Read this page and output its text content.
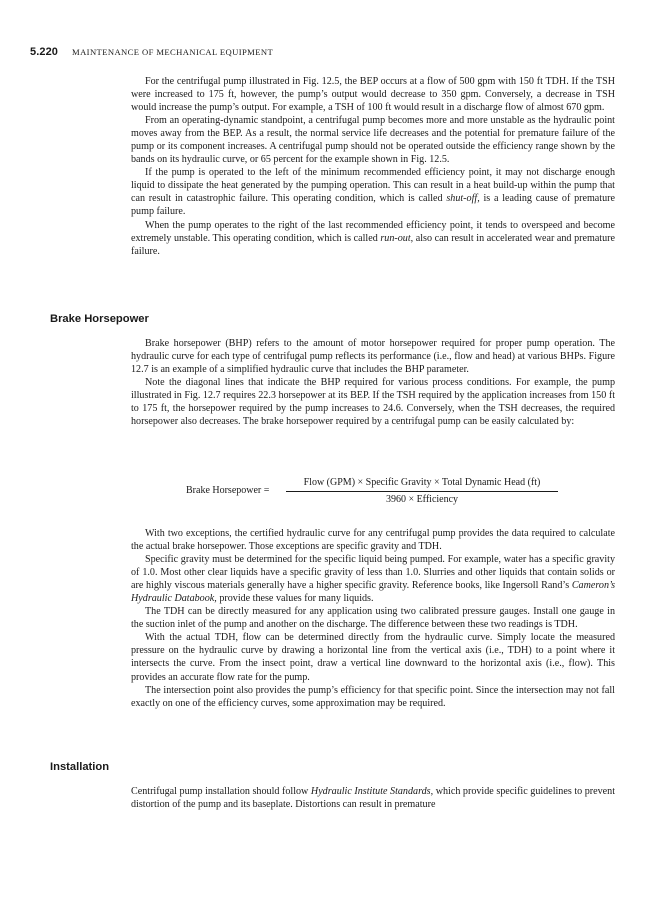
5.220 MAINTENANCE OF MECHANICAL EQUIPMENT

For the centrifugal pump illustrated in Fig. 12.5, the BEP occurs at a flow of 500 gpm with 150 ft TDH. If the TSH were increased to 175 ft, however, the pump’s output would decrease to 350 gpm. Conversely, a decrease in TSH would increase the pump’s output. For example, a TSH of 100 ft would result in a discharge flow of almost 670 gpm.

From an operating-dynamic standpoint, a centrifugal pump becomes more and more unstable as the hydraulic point moves away from the BEP. As a result, the normal service life decreases and the potential for premature failure of the pump or its component increases. A centrifugal pump should not be operated outside the efficiency range shown by the bands on its hydraulic curve, or 65 percent for the example shown in Fig. 12.5.

If the pump is operated to the left of the minimum recommended efficiency point, it may not discharge enough liquid to dissipate the heat generated by the pumping operation. This can result in a heat build-up within the pump that can result in catastrophic failure. This operating condition, which is called shut-off, is a leading cause of premature pump failure.

When the pump operates to the right of the last recommended efficiency point, it tends to overspeed and become extremely unstable. This operating condition, which is called run-out, also can result in accelerated wear and premature failure.

Brake Horsepower

Brake horsepower (BHP) refers to the amount of motor horsepower required for proper pump operation. The hydraulic curve for each type of centrifugal pump reflects its performance (i.e., flow and head) at various BHPs. Figure 12.7 is an example of a simplified hydraulic curve that includes the BHP parameter.

Note the diagonal lines that indicate the BHP required for various process conditions. For example, the pump illustrated in Fig. 12.7 requires 22.3 horsepower at its BEP. If the TSH required by the application increases from 150 ft to 175 ft, the horsepower required by the pump increases to 24.6. Conversely, when the TSH decreases, the required horsepower also decreases. The brake horsepower required by a centrifugal pump can be easily calculated by:

Brake Horsepower =
Flow (GPM) × Specific Gravity × Total Dynamic Head (ft)
3960 × Efficiency

With two exceptions, the certified hydraulic curve for any centrifugal pump provides the data required to calculate the actual brake horsepower. Those exceptions are specific gravity and TDH.

Specific gravity must be determined for the specific liquid being pumped. For example, water has a specific gravity of 1.0. Most other clear liquids have a specific gravity of less than 1.0. Slurries and other liquids that contain solids or are highly viscous materials generally have a higher specific gravity. Reference books, like Ingersoll Rand’s Cameron’s Hydraulic Databook, provide these values for many liquids.

The TDH can be directly measured for any application using two calibrated pressure gauges. Install one gauge in the suction inlet of the pump and another on the discharge. The difference between these two readings is TDH.

With the actual TDH, flow can be determined directly from the hydraulic curve. Simply locate the measured pressure on the hydraulic curve by drawing a horizontal line from the vertical axis (i.e., TDH) to a point where it intersects the curve. From the insect point, draw a vertical line downward to the horizontal axis (i.e., flow). This provides an accurate flow rate for the pump.

The intersection point also provides the pump’s efficiency for that specific point. Since the intersection may not fall exactly on one of the efficiency curves, some approximation may be required.

Installation

Centrifugal pump installation should follow Hydraulic Institute Standards, which provide specific guidelines to prevent distortion of the pump and its baseplate. Distortions can result in premature
